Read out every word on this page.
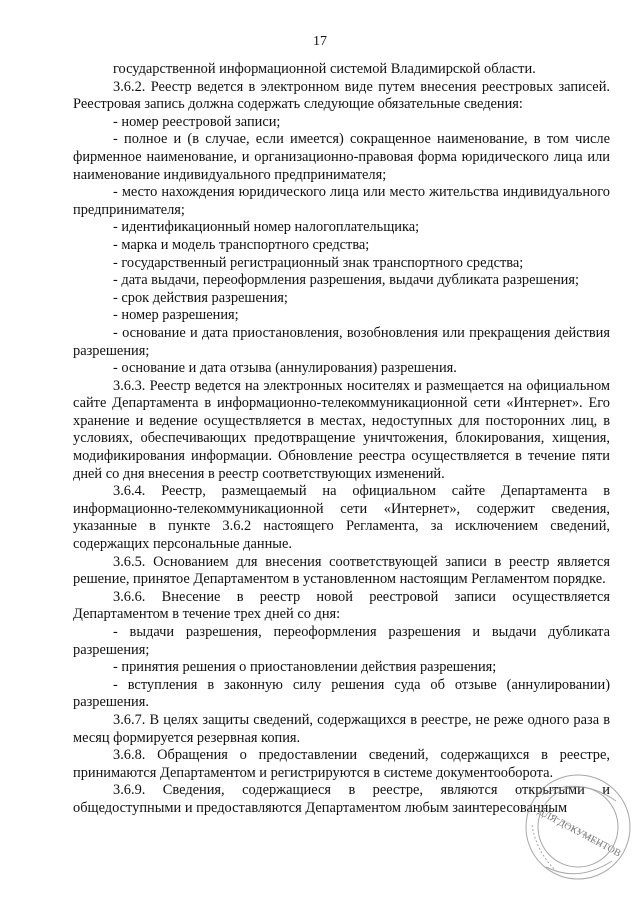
17

государственной информационной системой Владимирской области.

3.6.2. Реестр ведется в электронном виде путем внесения реестровых записей. Реестровая запись должна содержать следующие обязательные сведения:

- номер реестровой записи;

- полное и (в случае, если имеется) сокращенное наименование, в том числе фирменное наименование, и организационно-правовая форма юридического лица или наименование индивидуального предпринимателя;

- место нахождения юридического лица или место жительства индивидуального предпринимателя;

- идентификационный номер налогоплательщика;

- марка и модель транспортного средства;

- государственный регистрационный знак транспортного средства;

- дата выдачи, переоформления разрешения, выдачи дубликата разрешения;

- срок действия разрешения;

- номер разрешения;

- основание и дата приостановления, возобновления или прекращения действия разрешения;

- основание и дата отзыва (аннулирования) разрешения.

3.6.3. Реестр ведется на электронных носителях и размещается на официальном сайте Департамента в информационно-телекоммуникационной сети «Интернет». Его хранение и ведение осуществляется в местах, недоступных для посторонних лиц, в условиях, обеспечивающих предотвращение уничтожения, блокирования, хищения, модификирования информации. Обновление реестра осуществляется в течение пяти дней со дня внесения в реестр соответствующих изменений.

3.6.4. Реестр, размещаемый на официальном сайте Департамента в информационно-телекоммуникационной сети «Интернет», содержит сведения, указанные в пункте 3.6.2 настоящего Регламента, за исключением сведений, содержащих персональные данные.

3.6.5. Основанием для внесения соответствующей записи в реестр является решение, принятое Департаментом в установленном настоящим Регламентом порядке.

3.6.6. Внесение в реестр новой реестровой записи осуществляется Департаментом в течение трех дней со дня:

- выдачи разрешения, переоформления разрешения и выдачи дубликата разрешения;

- принятия решения о приостановлении действия разрешения;

- вступления в законную силу решения суда об отзыве (аннулировании) разрешения.

3.6.7. В целях защиты сведений, содержащихся в реестре, не реже одного раза в месяц формируется резервная копия.

3.6.8. Обращения о предоставлении сведений, содержащихся в реестре, принимаются Департаментом и регистрируются в системе документооборота.

3.6.9. Сведения, содержащиеся в реестре, являются открытыми и общедоступными и предоставляются Департаментом любым заинтересованным

ДЛЯ ДОКУМЕНТОВ
